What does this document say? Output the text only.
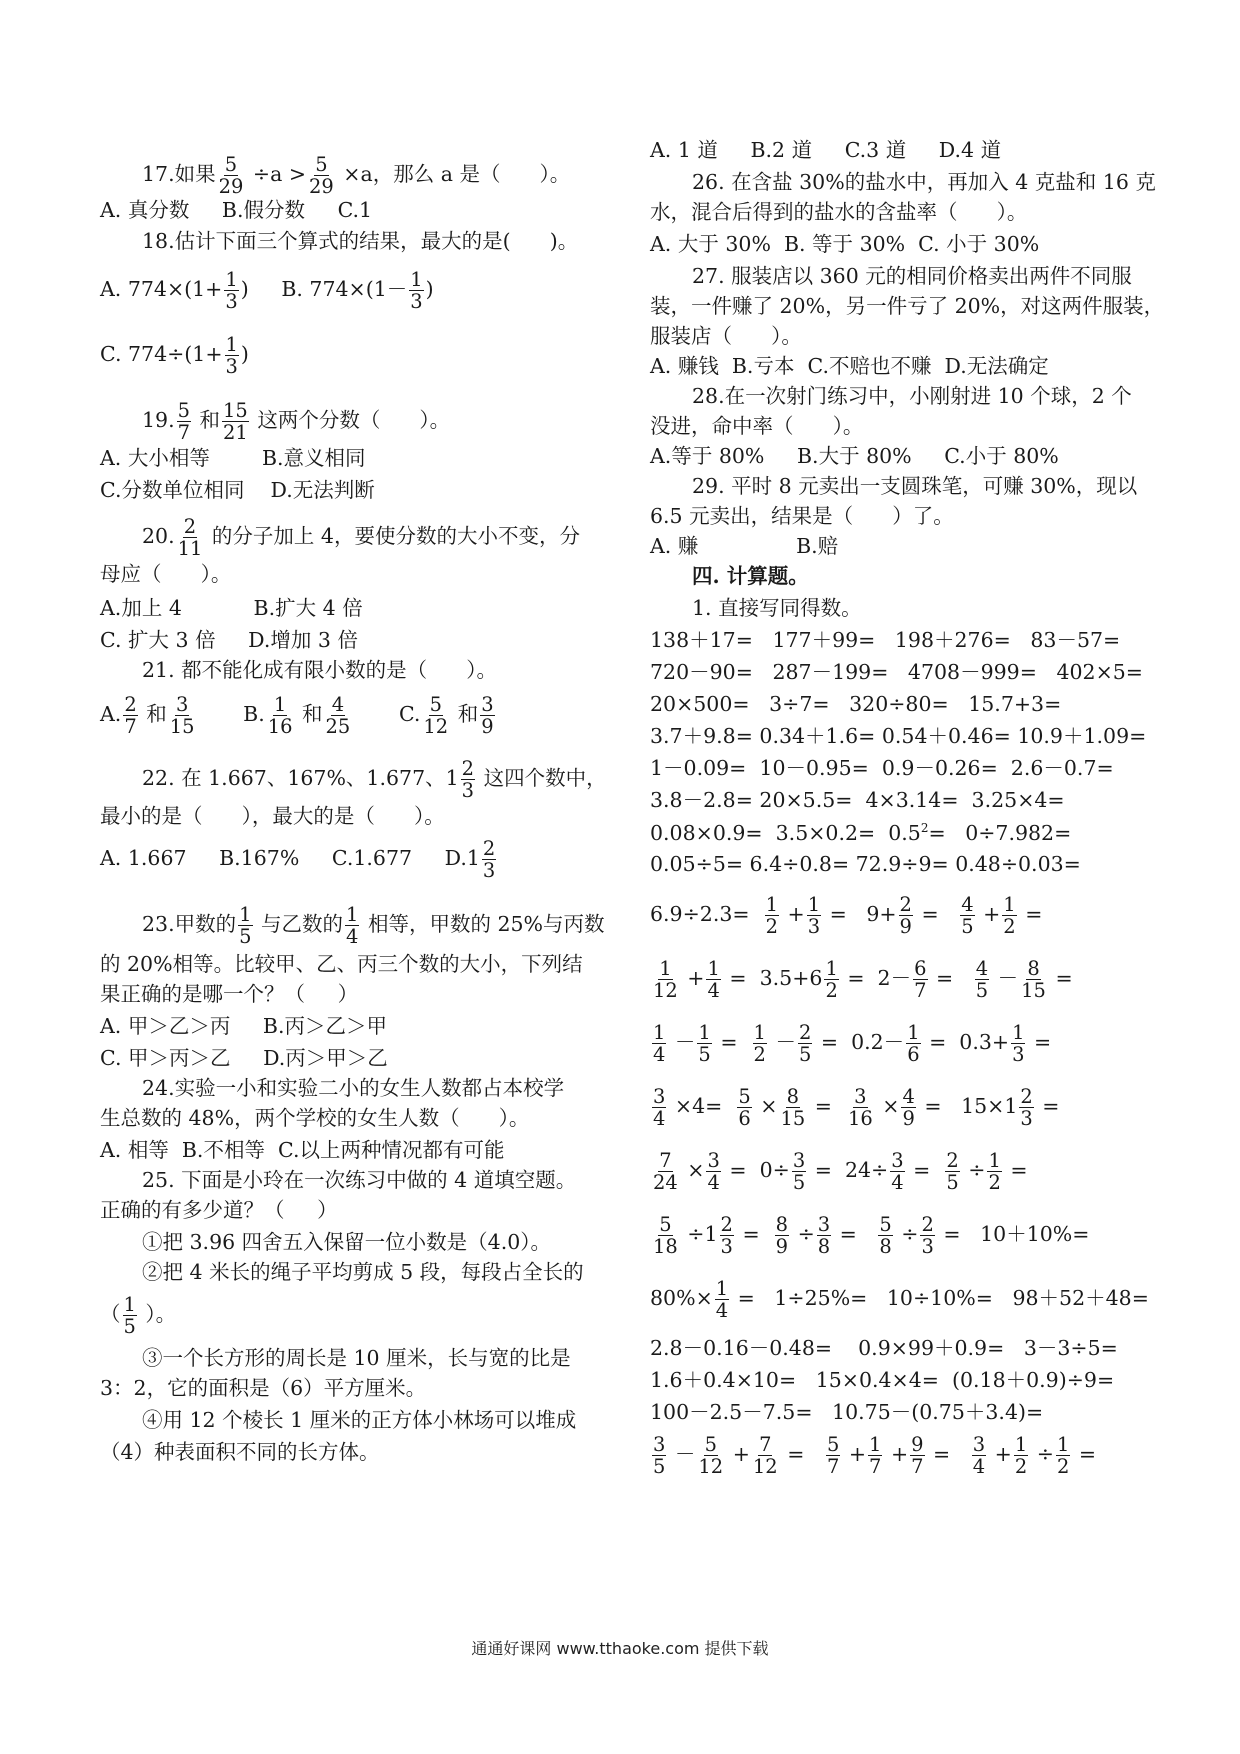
17.如果 $\frac{5}{29} \div a > \frac{5}{29} \times a$，那么 a 是（      ）。
A. 真分数     B.假分数     C.1
18.估计下面三个算式的结果，最大的是(      )。
A. $774\times(1+ \frac{1}{3}$ )     B. $774\times(1- \frac{1}{3}$ )
C. $774\div(1+ \frac{1}{3}$ )
19. $\frac{5}{7}$ 和 $\frac{15}{21}$ 这两个分数（      ）。
A. 大小相等        B.意义相同
C.分数单位相同    D.无法判断
20. $\frac{2}{11}$ 的分子加上 4，要使分数的大小不变，分
母应（      ）。
A.加上 4           B.扩大 4 倍
C. 扩大 3 倍     D.增加 3 倍
21. 都不能化成有限小数的是（      ）。
A. $\frac{2}{7}$ 和 $\frac{3}{15} B$. $\frac{1}{16}$ 和 $\frac{4}{25} C$. $\frac{5}{12}$ 和 $\frac{3}{9}$
22. 在 1.667、167%、1.677、$1 \frac{2}{3}$ 这四个数中，
最小的是（      ），最大的是（      ）。
A. 1.667     B.167%     C.1.677     $D.1 \frac{2}{3}$
23.甲数的 $\frac{1}{5}$ 与乙数的 $\frac{1}{4}$ 相等，甲数的 25%与丙数
的 20%相等。比较甲、乙、丙三个数的大小，下列结
果正确的是哪一个？（     ）
A. 甲＞乙＞丙     B.丙＞乙＞甲
C. 甲＞丙＞乙     D.丙＞甲＞乙
24.实验一小和实验二小的女生人数都占本校学
生总数的 48%，两个学校的女生人数（      ）。
A. 相等  B.不相等  C.以上两种情况都有可能
25. 下面是小玲在一次练习中做的 4 道填空题。
正确的有多少道？（     ）
①把 3.96 四舍五入保留一位小数是（4.0）。
②把 4 米长的绳子平均剪成 5 段，每段占全长的
（ $\frac{1}{5}$ ）。
③一个长方形的周长是 10 厘米，长与宽的比是
3：2，它的面积是（6）平方厘米。
④用 12 个棱长 1 厘米的正方体小林场可以堆成
（4）种表面积不同的长方体。
A. 1 道     B.2 道     C.3 道     D.4 道
26. 在含盐 30%的盐水中，再加入 4 克盐和 16 克
水，混合后得到的盐水的含盐率（      ）。
A. 大于 30%  B. 等于 30%  C. 小于 30%
27. 服装店以 360 元的相同价格卖出两件不同服
装，一件赚了 20%，另一件亏了 20%，对这两件服装，
服装店（      ）。
A. 赚钱  B.亏本  C.不赔也不赚  D.无法确定
28.在一次射门练习中，小刚射进 10 个球，2 个
没进，命中率（      ）。
A.等于 80%     B.大于 80%     C.小于 80%
29. 平时 8 元卖出一支圆珠笔，可赚 30%，现以
6.5 元卖出，结果是（      ）了。
A. 赚               B.赔
四. 计算题。
1. 直接写同得数。
138＋17=   177＋99=   198＋276=   83－57=
720－90=   287－199=   4708－999=   402×5=
20×500=   3÷7=   320÷80=   15.7+3=
3.7＋9.8= 0.34＋1.6= 0.54＋0.46= 10.9＋1.09=
1－0.09=  10－0.95=  0.9－0.26=  2.6－0.7=
3.8－2.8= 20×5.5=  4×3.14=  3.25×4=
$0.08\times 0.9= 3.5\times 0.2= 0.5^2= 0\div 7.982=$
0.05÷5= 6.4÷0.8= 72.9÷9= 0.48÷0.03=
$6.9\div 2.3= \frac{1}{2} + \frac{1}{3} = 9+ \frac{2}{9} = \frac{4}{5} + \frac{1}{2}$ =
$\frac{1}{12} + \frac{1}{4} = 3.5+6 \frac{1}{2} = 2- \frac{6}{7} = \frac{4}{5} - \frac{8}{15}$ =
$\frac{1}{4} - \frac{1}{5} = \frac{1}{2} - \frac{2}{5} = 0.2- \frac{1}{6} = 0.3+ \frac{1}{3}$ =
$\frac{3}{4} \times 4= \frac{5}{6} \times \frac{8}{15} = \frac{3}{16} \times \frac{4}{9} = 15\times 1 \frac{2}{3}$ =
$\frac{7}{24} \times \frac{3}{4} = 0\div \frac{3}{5} = 24\div \frac{3}{4} = \frac{2}{5} \div \frac{1}{2}$ =
$\frac{5}{18} \div 1 \frac{2}{3} = \frac{8}{9} \div \frac{3}{8} = \frac{5}{8} \div \frac{2}{3} = 10+10\%=$
$80\%\times \frac{1}{4} = 1\div 25\%= 10\div 10\%= 98+52+48=$
2.8－0.16－0.48=    0.9×99＋0.9=   3－3÷5=
1.6＋0.4×10=   15×0.4×4=  (0.18＋0.9)÷9=
100－2.5－7.5=   10.75－(0.75＋3.4)=
$\frac{3}{5} - \frac{5}{12} + \frac{7}{12} = \frac{5}{7} + \frac{1}{7} + \frac{9}{7} = \frac{3}{4} + \frac{1}{2} \div \frac{1}{2}$ =
通通好课网 www.tthaoke.com 提供下载
